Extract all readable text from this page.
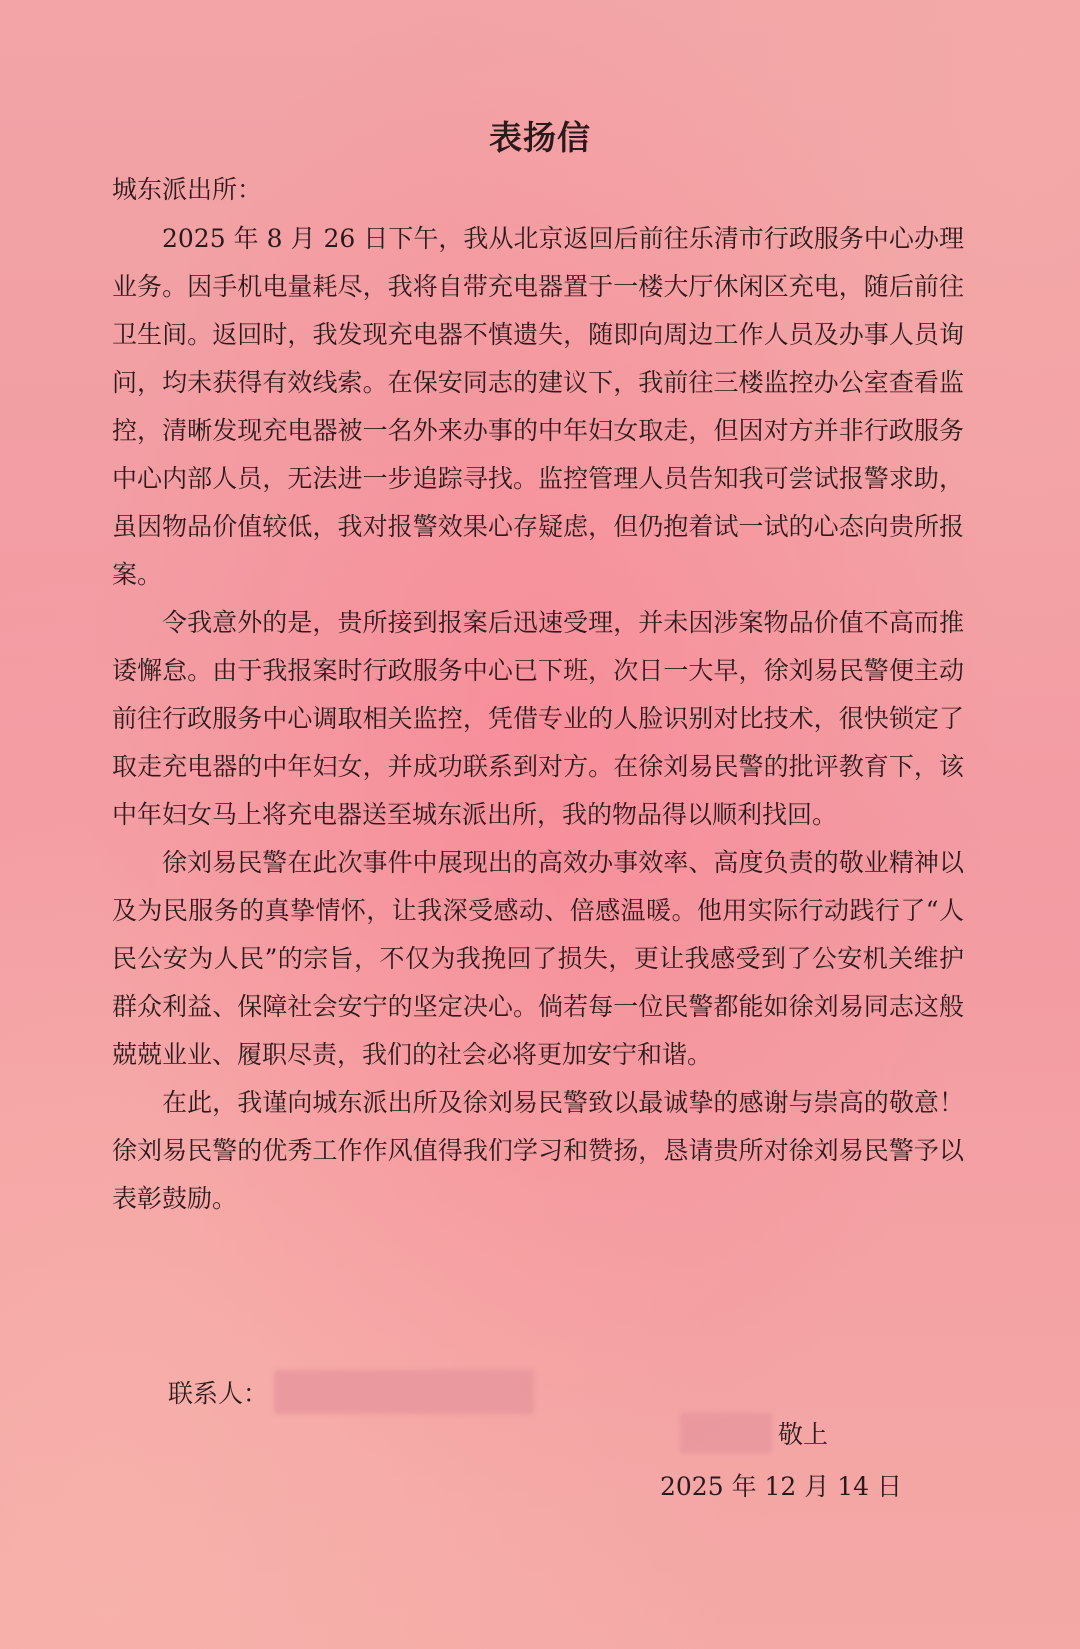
表扬信
城东派出所：

2025 年 8 月 26 日下午，我从北京返回后前往乐清市行政服务中心办理业务。因手机电量耗尽，我将自带充电器置于一楼大厅休闲区充电，随后前往卫生间。返回时，我发现充电器不慎遗失，随即向周边工作人员及办事人员询问，均未获得有效线索。在保安同志的建议下，我前往三楼监控办公室查看监控，清晰发现充电器被一名外来办事的中年妇女取走，但因对方并非行政服务中心内部人员，无法进一步追踪寻找。监控管理人员告知我可尝试报警求助，虽因物品价值较低，我对报警效果心存疑虑，但仍抱着试一试的心态向贵所报案。

令我意外的是，贵所接到报案后迅速受理，并未因涉案物品价值不高而推诿懈怠。由于我报案时行政服务中心已下班，次日一大早，徐刘易民警便主动前往行政服务中心调取相关监控，凭借专业的人脸识别对比技术，很快锁定了取走充电器的中年妇女，并成功联系到对方。在徐刘易民警的批评教育下，该中年妇女马上将充电器送至城东派出所，我的物品得以顺利找回。

徐刘易民警在此次事件中展现出的高效办事效率、高度负责的敬业精神以及为民服务的真挚情怀，让我深受感动、倍感温暖。他用实际行动践行了“人民公安为人民”的宗旨，不仅为我挽回了损失，更让我感受到了公安机关维护群众利益、保障社会安宁的坚定决心。倘若每一位民警都能如徐刘易同志这般兢兢业业、履职尽责，我们的社会必将更加安宁和谐。

在此，我谨向城东派出所及徐刘易民警致以最诚挚的感谢与崇高的敬意！徐刘易民警的优秀工作作风值得我们学习和赞扬，恳请贵所对徐刘易民警予以表彰鼓励。

联系人：
敬上
2025 年 12 月 14 日
